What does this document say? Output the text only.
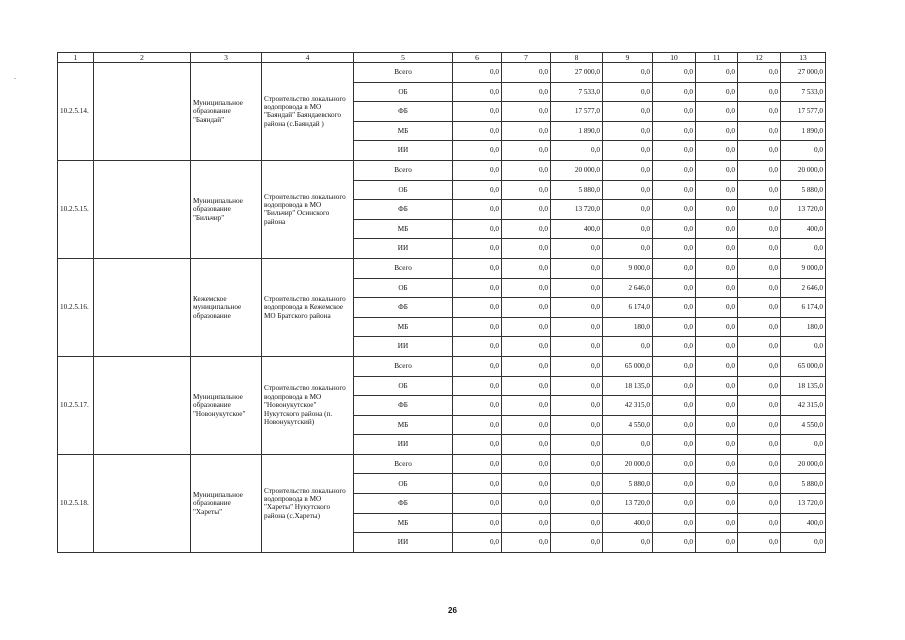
1	2	3	4	5	6	7	8	9	10	11	12	13
10.2.5.14.		Муниципальное образование "Баяндай"	Строительство локального водопровода в МО "Баяндай" Баяндаевского района (с.Баяндай )	Всего	0,0	0,0	27 000,0	0,0	0,0	0,0	0,0	27 000,0
				ОБ	0,0	0,0	7 533,0	0,0	0,0	0,0	0,0	7 533,0
				ФБ	0,0	0,0	17 577,0	0,0	0,0	0,0	0,0	17 577,0
				МБ	0,0	0,0	1 890,0	0,0	0,0	0,0	0,0	1 890,0
				ИИ	0,0	0,0	0,0	0,0	0,0	0,0	0,0	0,0
10.2.5.15.		Муниципальное образование "Бильчир"	Строительство локального водопровода в МО "Бильчир" Осинского района	Всего	0,0	0,0	20 000,0	0,0	0,0	0,0	0,0	20 000,0
				ОБ	0,0	0,0	5 880,0	0,0	0,0	0,0	0,0	5 880,0
				ФБ	0,0	0,0	13 720,0	0,0	0,0	0,0	0,0	13 720,0
				МБ	0,0	0,0	400,0	0,0	0,0	0,0	0,0	400,0
				ИИ	0,0	0,0	0,0	0,0	0,0	0,0	0,0	0,0
10.2.5.16.		Кежемское муниципальное образование	Строительство локального водопровода в Кежемское МО Братского района	Всего	0,0	0,0	0,0	9 000,0	0,0	0,0	0,0	9 000,0
				ОБ	0,0	0,0	0,0	2 646,0	0,0	0,0	0,0	2 646,0
				ФБ	0,0	0,0	0,0	6 174,0	0,0	0,0	0,0	6 174,0
				МБ	0,0	0,0	0,0	180,0	0,0	0,0	0,0	180,0
				ИИ	0,0	0,0	0,0	0,0	0,0	0,0	0,0	0,0
10.2.5.17.		Муниципальное образование "Новонукутское"	Строительство локального водопровода в МО "Новонукутское" Нукутского района (п. Новонукутский)	Всего	0,0	0,0	0,0	65 000,0	0,0	0,0	0,0	65 000,0
				ОБ	0,0	0,0	0,0	18 135,0	0,0	0,0	0,0	18 135,0
				ФБ	0,0	0,0	0,0	42 315,0	0,0	0,0	0,0	42 315,0
				МБ	0,0	0,0	0,0	4 550,0	0,0	0,0	0,0	4 550,0
				ИИ	0,0	0,0	0,0	0,0	0,0	0,0	0,0	0,0
10.2.5.18.		Муниципальное образование "Хареты"	Строительство локального водопровода в МО "Хареты" Нукутского района (с.Хареты)	Всего	0,0	0,0	0,0	20 000,0	0,0	0,0	0,0	20 000,0
				ОБ	0,0	0,0	0,0	5 880,0	0,0	0,0	0,0	5 880,0
				ФБ	0,0	0,0	0,0	13 720,0	0,0	0,0	0,0	13 720,0
				МБ	0,0	0,0	0,0	400,0	0,0	0,0	0,0	400,0
				ИИ	0,0	0,0	0,0	0,0	0,0	0,0	0,0	0,0
26
